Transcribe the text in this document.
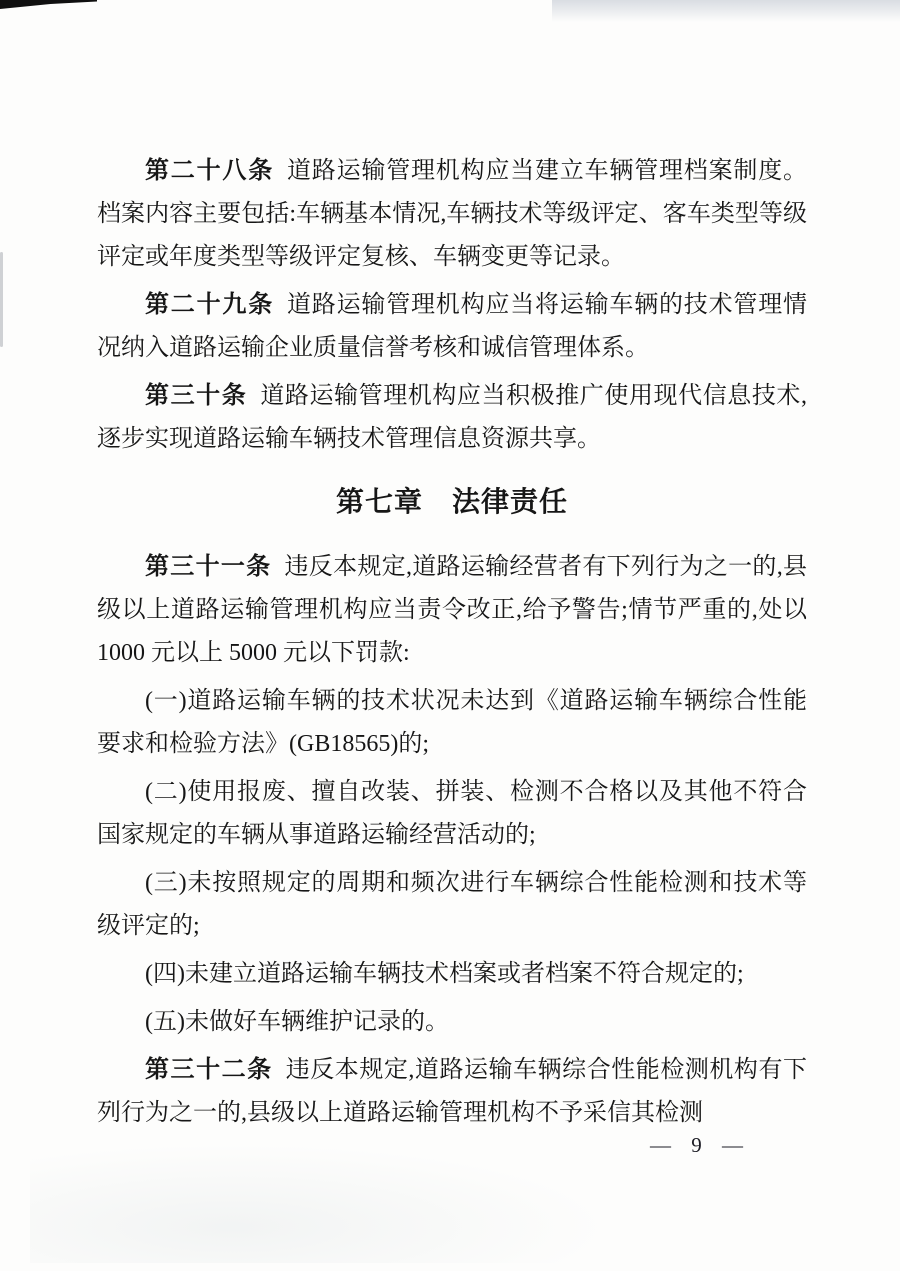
第二十八条 道路运输管理机构应当建立车辆管理档案制度。档案内容主要包括:车辆基本情况,车辆技术等级评定、客车类型等级评定或年度类型等级评定复核、车辆变更等记录。

第二十九条 道路运输管理机构应当将运输车辆的技术管理情况纳入道路运输企业质量信誉考核和诚信管理体系。

第三十条 道路运输管理机构应当积极推广使用现代信息技术,逐步实现道路运输车辆技术管理信息资源共享。

第七章　法律责任

第三十一条 违反本规定,道路运输经营者有下列行为之一的,县级以上道路运输管理机构应当责令改正,给予警告;情节严重的,处以 1000 元以上 5000 元以下罚款:

(一)道路运输车辆的技术状况未达到《道路运输车辆综合性能要求和检验方法》(GB18565)的;

(二)使用报废、擅自改装、拼装、检测不合格以及其他不符合国家规定的车辆从事道路运输经营活动的;

(三)未按照规定的周期和频次进行车辆综合性能检测和技术等级评定的;

(四)未建立道路运输车辆技术档案或者档案不符合规定的;

(五)未做好车辆维护记录的。

第三十二条 违反本规定,道路运输车辆综合性能检测机构有下列行为之一的,县级以上道路运输管理机构不予采信其检测

— 9 —
